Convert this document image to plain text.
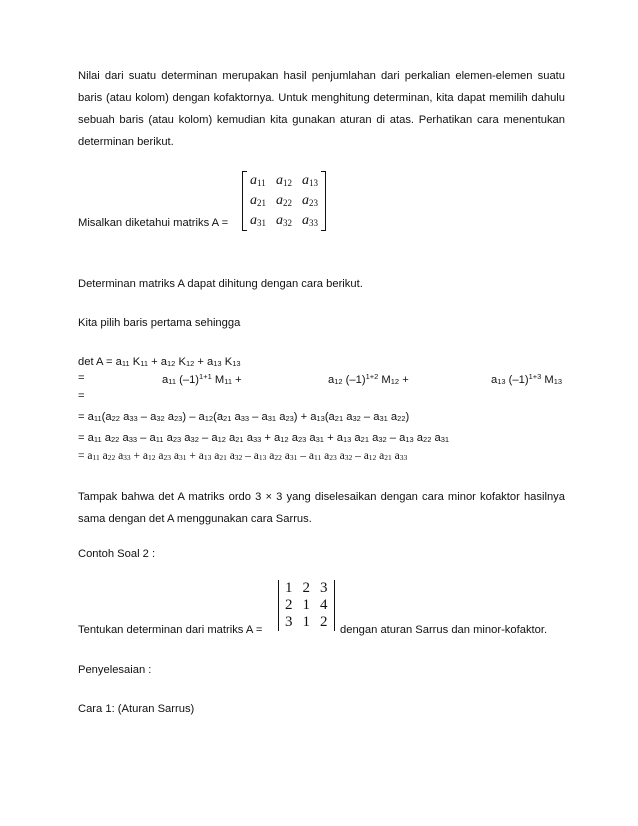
Nilai dari suatu determinan merupakan hasil penjumlahan dari perkalian elemen-elemen suatu baris (atau kolom) dengan kofaktornya. Untuk menghitung determinan, kita dapat memilih dahulu sebuah baris (atau kolom) kemudian kita gunakan aturan di atas. Perhatikan cara menentukan determinan berikut.
$a_{11}$	$a_{12}$	$a_{13}$
$a_{21}$	$a_{22}$	$a_{23}$
$a_{31}$	$a_{32}$	$a_{33}$
Misalkan diketahui matriks A =
Determinan matriks A dapat dihitung dengan cara berikut.
Kita pilih baris pertama sehingga
$\det A = a_{11}$ $K_{11} + a_{12}$ $K_{12} + a_{13}$ $K_{13}$
=	$a_{11}$ $(-1)^{1+1}$ $M_{11}$ +	$a_{12}$ $(-1)^{1+2}$ $M_{12}$ +	$a_{13}$ $(-1)^{1+3}$ $M_{13}$
=
= $a_{11}(a_{22}$ $a_{33} - a_{32}$ $a_{23}) - a_{12}(a_{21}$ $a_{33} - a_{31}$ $a_{23}) + a_{13}(a_{21}$ $a_{32} - a_{31}$ $a_{22}$)
= $a_{11}$ $a_{22}$ $a_{33} - a_{11}$ $a_{23}$ $a_{32} - a_{12}$ $a_{21}$ $a_{33} + a_{12}$ $a_{23}$ $a_{31} + a_{13}$ $a_{21}$ $a_{32} - a_{13}$ $a_{22}$ $a_{31}$
= $a_{11}$ $a_{22}$ $a_{33} + a_{12}$ $a_{23}$ $a_{31} + a_{13}$ $a_{21}$ $a_{32} - a_{13}$ $a_{22}$ $a_{31} - a_{11}$ $a_{23}$ $a_{32} - a_{12}$ $a_{21}$ $a_{33}$
Tampak bahwa det A matriks ordo 3 × 3 yang diselesaikan dengan cara minor kofaktor hasilnya sama dengan det A menggunakan cara Sarrus.
Contoh Soal 2 :
1	2	3
2	1	4
3	1	2
Tentukan determinan dari matriks A =	dengan aturan Sarrus dan minor-kofaktor.
Penyelesaian :
Cara 1: (Aturan Sarrus)
